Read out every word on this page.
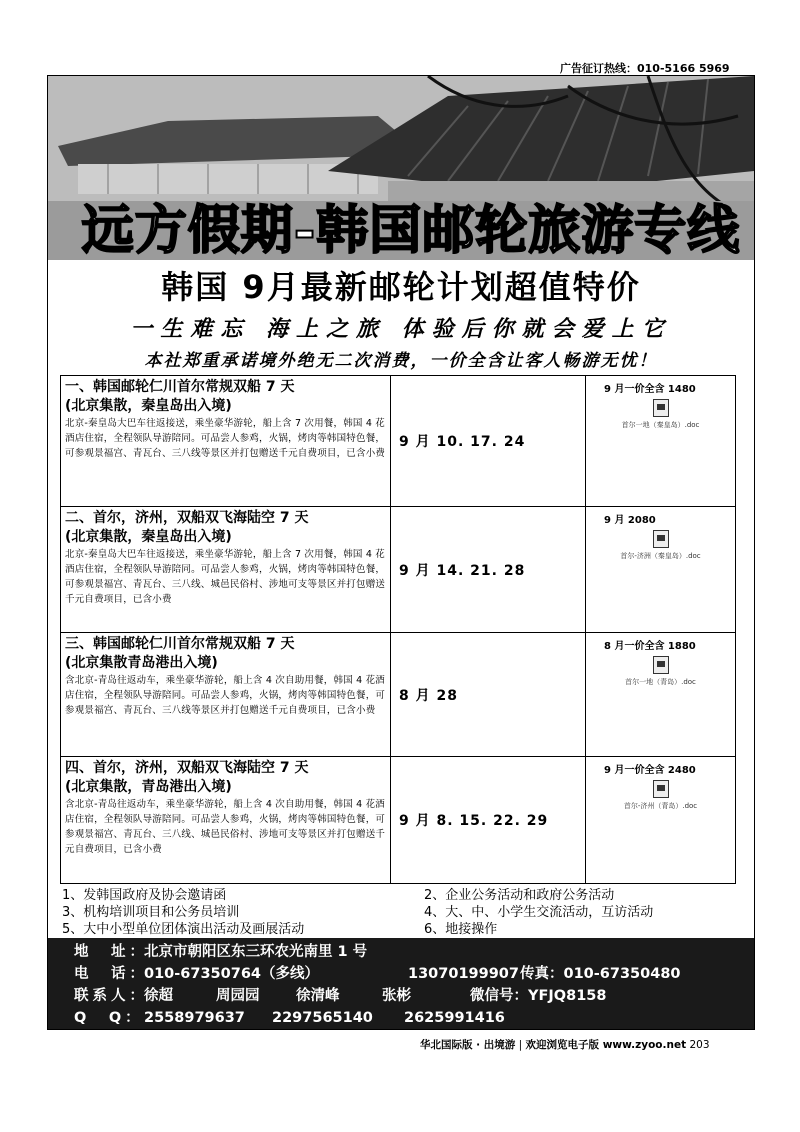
广告征订热线：010-5166 5969
远方假期-韩国邮轮旅游专线
韩国 9月最新邮轮计划超值特价
一生难忘 海上之旅 体验后你就会爱上它
本社郑重承诺境外绝无二次消费，一价全含让客人畅游无忧！
一、韩国邮轮仁川首尔常规双船 7 天
(北京集散，秦皇岛出入境)
北京-秦皇岛大巴车往返接送，乘坐豪华游轮，船上含 7 次用餐，韩国 4 花酒店住宿，全程领队导游陪同。可品尝人参鸡，火锅，烤肉等韩国特色餐，可参观景福宫、青瓦台、三八线等景区并打包赠送千元自费项目，已含小费
9 月 10. 17. 24
9 月一价全含 1480
首尔一地（秦皇岛）.doc
二、首尔，济州，双船双飞海陆空 7 天
(北京集散，秦皇岛出入境)
北京-秦皇岛大巴车往返接送，乘坐豪华游轮，船上含 7 次用餐，韩国 4 花酒店住宿，全程领队导游陪同。可品尝人参鸡，火锅，烤肉等韩国特色餐，可参观景福宫、青瓦台、三八线、城邑民俗村、涉地可支等景区并打包赠送千元自费项目，已含小费
9 月 14. 21. 28
9 月 2080
首尔-济洲（秦皇岛）.doc
三、韩国邮轮仁川首尔常规双船 7 天
(北京集散青岛港出入境)
含北京-青岛往返动车，乘坐豪华游轮，船上含 4 次自助用餐，韩国 4 花酒店住宿，全程领队导游陪同。可品尝人参鸡，火锅，烤肉等韩国特色餐，可参观景福宫、青瓦台、三八线等景区并打包赠送千元自费项目，已含小费
8 月 28
8 月一价全含 1880
首尔一地（青岛）.doc
四、首尔，济州，双船双飞海陆空 7 天
(北京集散，青岛港出入境)
含北京-青岛往返动车，乘坐豪华游轮，船上含 4 次自助用餐，韩国 4 花酒店住宿，全程领队导游陪同。可品尝人参鸡，火锅，烤肉等韩国特色餐，可参观景福宫、青瓦台、三八线、城邑民俗村、涉地可支等景区并打包赠送千元自费项目，已含小费
9 月 8. 15. 22. 29
9 月一价全含 2480
首尔-济州（青岛）.doc
1、发韩国政府及协会邀请函	2、企业公务活动和政府公务活动
3、机构培训项目和公务员培训	4、大、中、小学生交流活动，互访活动
5、大中小型单位团体演出活动及画展活动	6、地接操作
地　址：
北京市朝阳区东三环农光南里 1 号
电　话：
010-67350764（多线）	13070199907 传真： 010-67350480
联系人：
徐超	周园园	徐清峰	张彬	微信号： YFJQ8158
Q　Q： 2558979637	2297565140	2625991416
华北国际版 · 出境游 | 欢迎浏览电子版 www.zyoo.net 203
